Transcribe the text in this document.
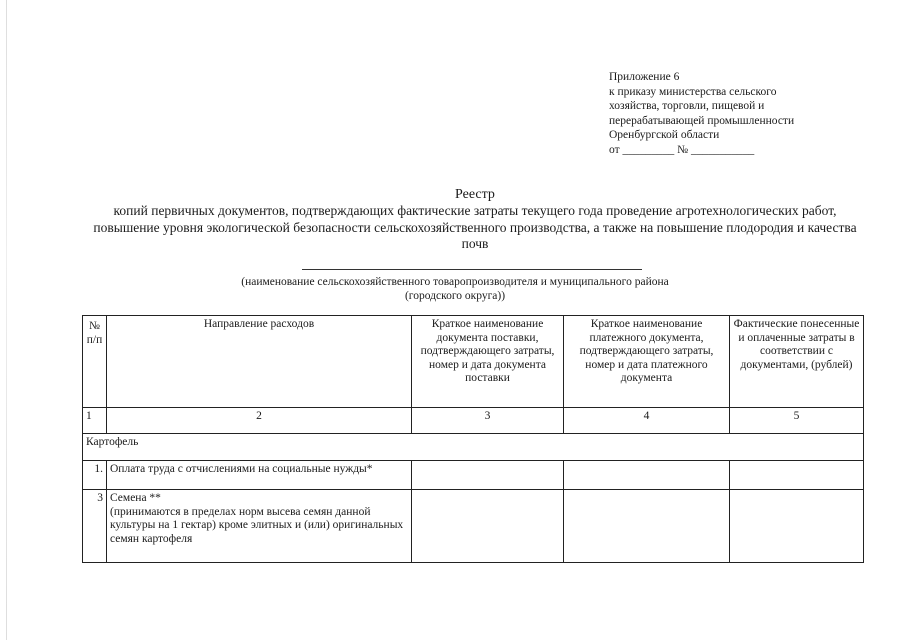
Приложение 6
к приказу министерства сельского
хозяйства, торговли, пищевой и
перерабатывающей промышленности
Оренбургской области
от _________ № ___________
Реестр
копий первичных документов, подтверждающих фактические затраты текущего года проведение агротехнологических работ, повышение уровня экологической безопасности сельскохозяйственного производства, а также на повышение плодородия и качества почв
(наименование сельскохозяйственного товаропроизводителя и муниципального района
(городского округа))
№ п/п	Направление расходов	Краткое наименование документа поставки, подтверждающего затраты, номер и дата документа поставки	Краткое наименование платежного документа, подтверждающего затраты, номер и дата платежного документа	Фактические понесенные и оплаченные затраты в соответствии с документами, (рублей)
1	2	3	4	5
Картофель				
1.	Оплата труда с отчислениями на социальные нужды*			
3	Семена **
(принимаются в пределах норм высева семян данной культуры на 1 гектар) кроме элитных и (или) оригинальных семян картофеля			
